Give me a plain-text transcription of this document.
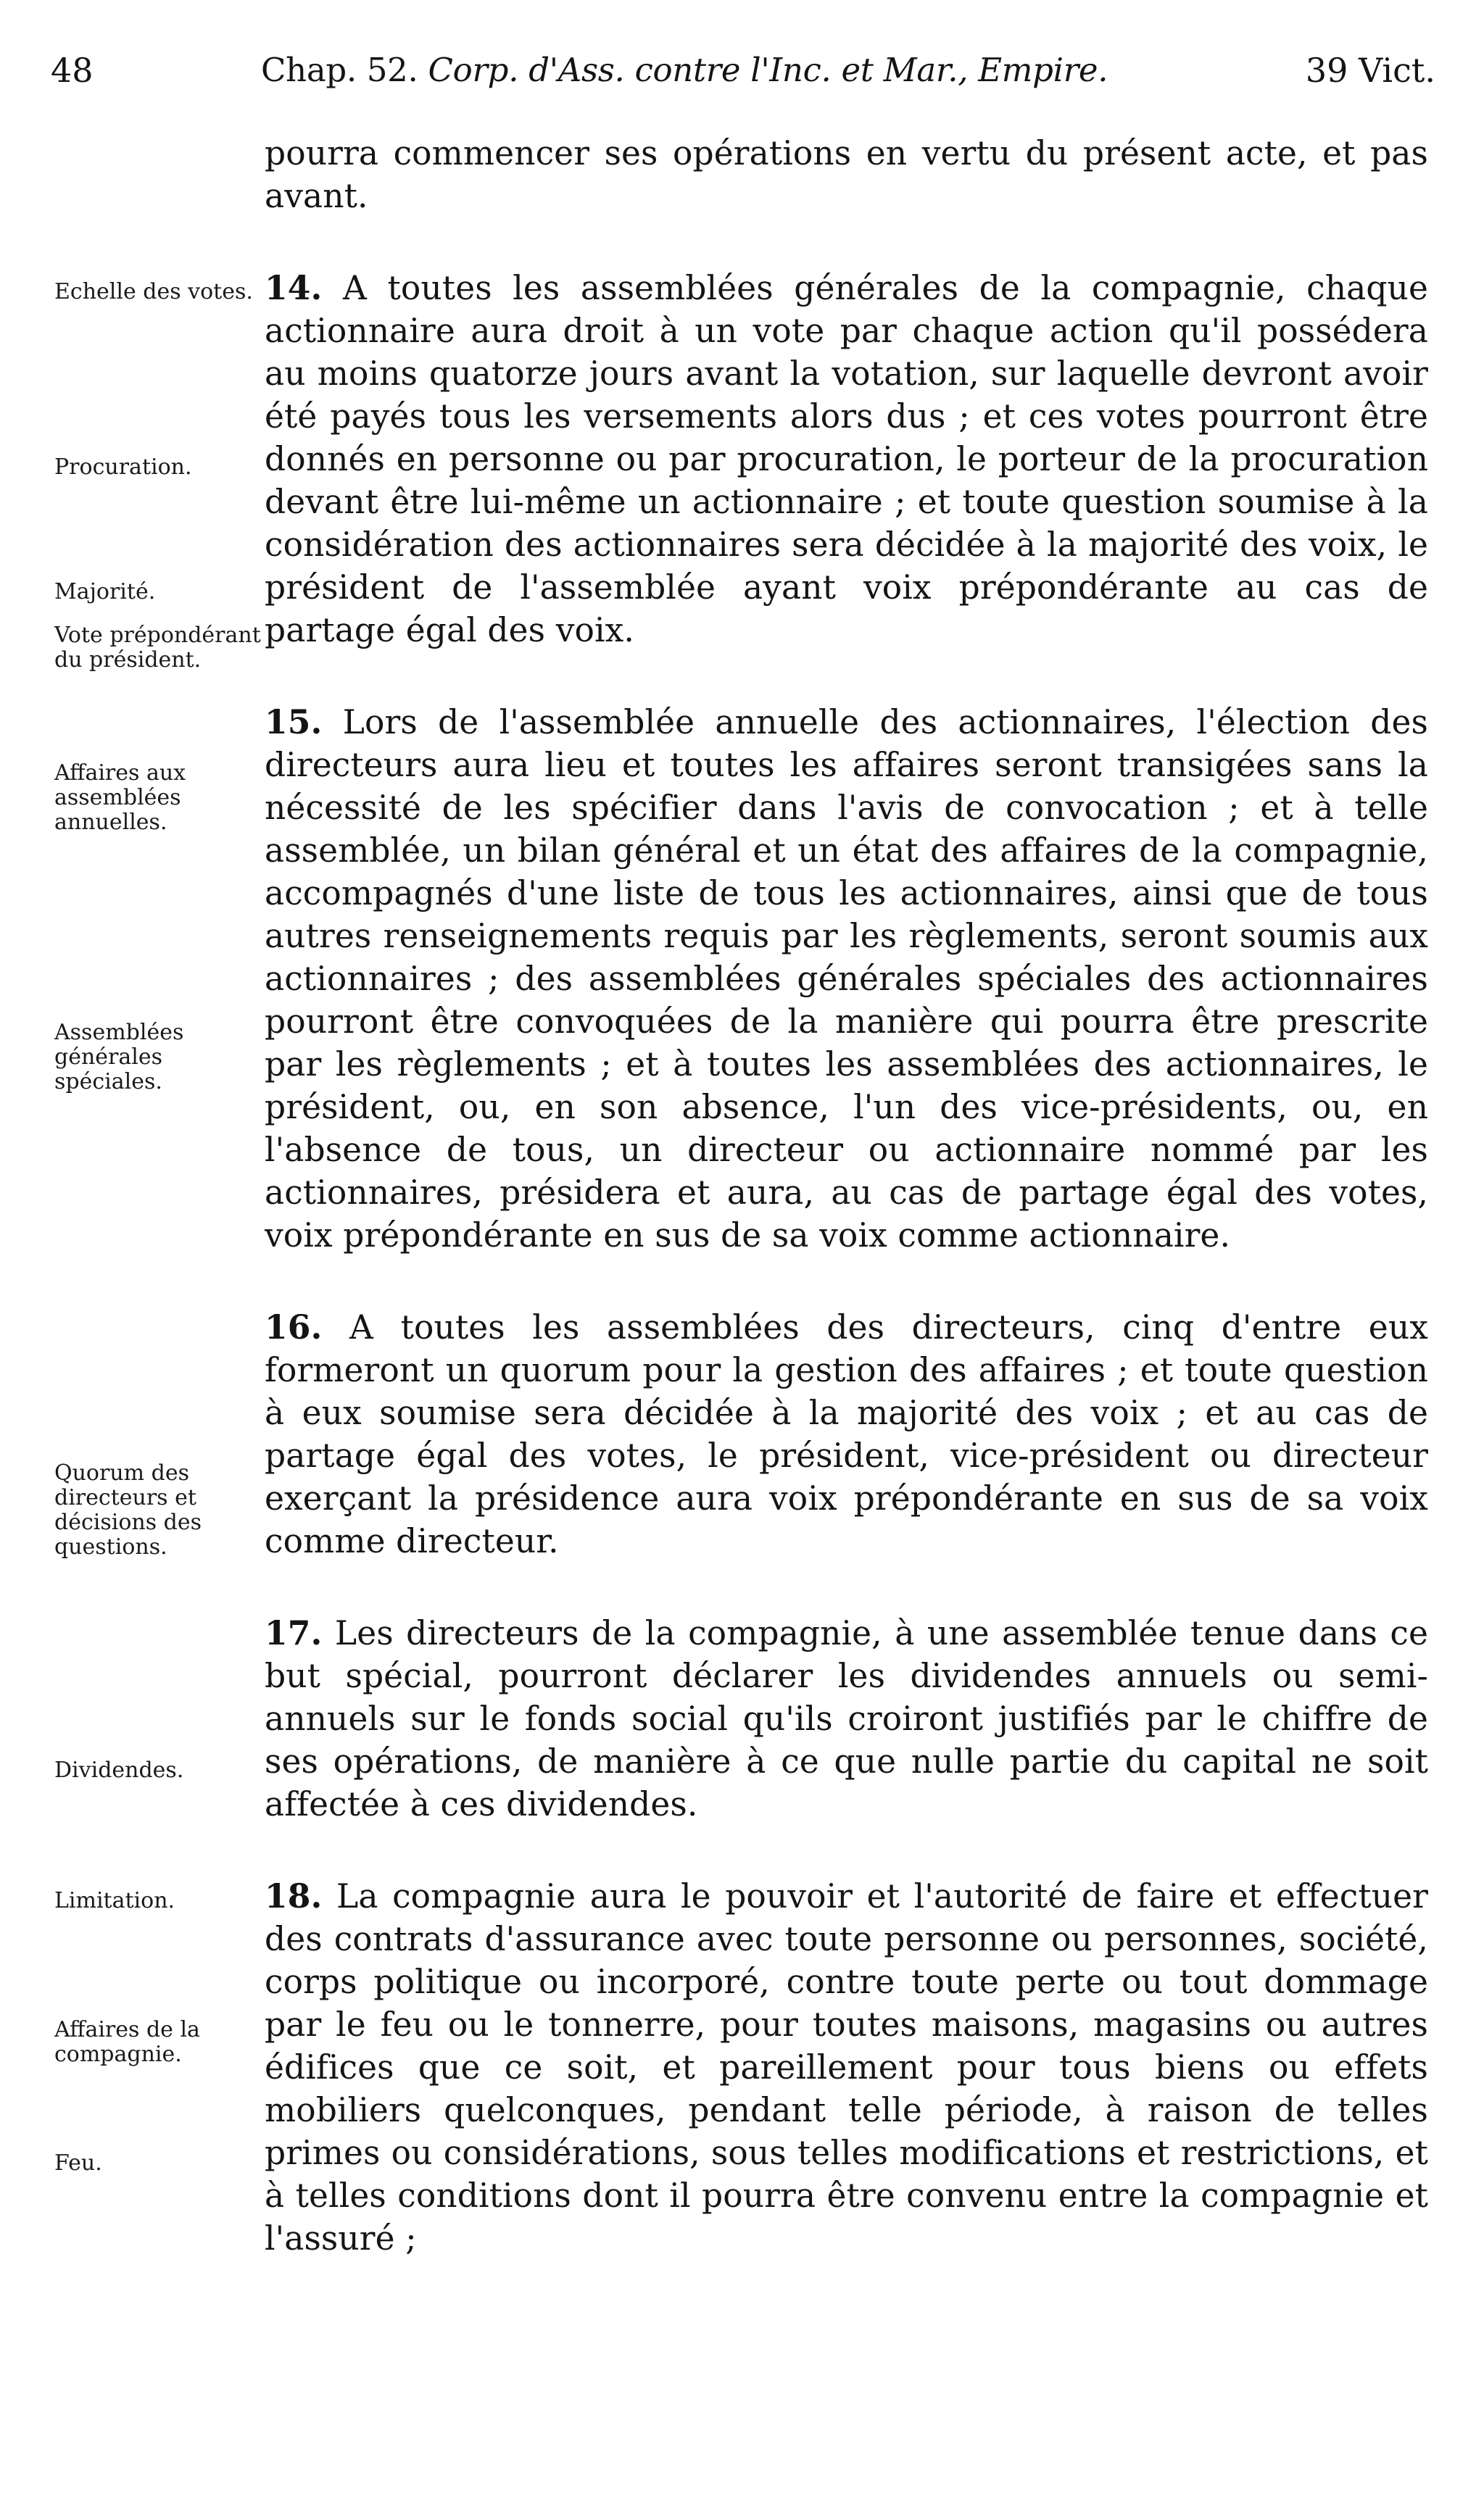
48	Chap. 52. Corp. d'Ass. contre l'Inc. et Mar., Empire.	39 Vict.

pourra commencer ses opérations en vertu du présent acte, et pas avant.

14. A toutes les assemblées générales de la compagnie, chaque actionnaire aura droit à un vote par chaque action qu'il possédera au moins quatorze jours avant la votation, sur laquelle devront avoir été payés tous les versements alors dus ; et ces votes pourront être donnés en personne ou par procuration, le porteur de la procuration devant être lui-même un actionnaire ; et toute question soumise à la considération des actionnaires sera décidée à la majorité des voix, le président de l'assemblée ayant voix prépondérante au cas de partage égal des voix.

15. Lors de l'assemblée annuelle des actionnaires, l'élection des directeurs aura lieu et toutes les affaires seront transigées sans la nécessité de les spécifier dans l'avis de convocation ; et à telle assemblée, un bilan général et un état des affaires de la compagnie, accompagnés d'une liste de tous les actionnaires, ainsi que de tous autres renseignements requis par les règlements, seront soumis aux actionnaires ; des assemblées générales spéciales des actionnaires pourront être convoquées de la manière qui pourra être prescrite par les règlements ; et à toutes les assemblées des actionnaires, le président, ou, en son absence, l'un des vice-présidents, ou, en l'absence de tous, un directeur ou actionnaire nommé par les actionnaires, présidera et aura, au cas de partage égal des votes, voix prépondérante en sus de sa voix comme actionnaire.

16. A toutes les assemblées des directeurs, cinq d'entre eux formeront un quorum pour la gestion des affaires ; et toute question à eux soumise sera décidée à la majorité des voix ; et au cas de partage égal des votes, le président, vice-président ou directeur exerçant la présidence aura voix prépondérante en sus de sa voix comme directeur.

17. Les directeurs de la compagnie, à une assemblée tenue dans ce but spécial, pourront déclarer les dividendes annuels ou semi-annuels sur le fonds social qu'ils croiront justifiés par le chiffre de ses opérations, de manière à ce que nulle partie du capital ne soit affectée à ces dividendes.

18. La compagnie aura le pouvoir et l'autorité de faire et effectuer des contrats d'assurance avec toute personne ou personnes, société, corps politique ou incorporé, contre toute perte ou tout dommage par le feu ou le tonnerre, pour toutes maisons, magasins ou autres édifices que ce soit, et pareillement pour tous biens ou effets mobiliers quelconques, pendant telle période, à raison de telles primes ou considérations, sous telles modifications et restrictions, et à telles conditions dont il pourra être convenu entre la compagnie et l'assuré ;

Echelle des votes.
Procuration.
Majorité.
Vote prépondérant du président.
Affaires aux assemblées annuelles.
Assemblées générales spéciales.
Quorum des directeurs et décisions des questions.
Dividendes.
Limitation.
Affaires de la compagnie.
Feu.
